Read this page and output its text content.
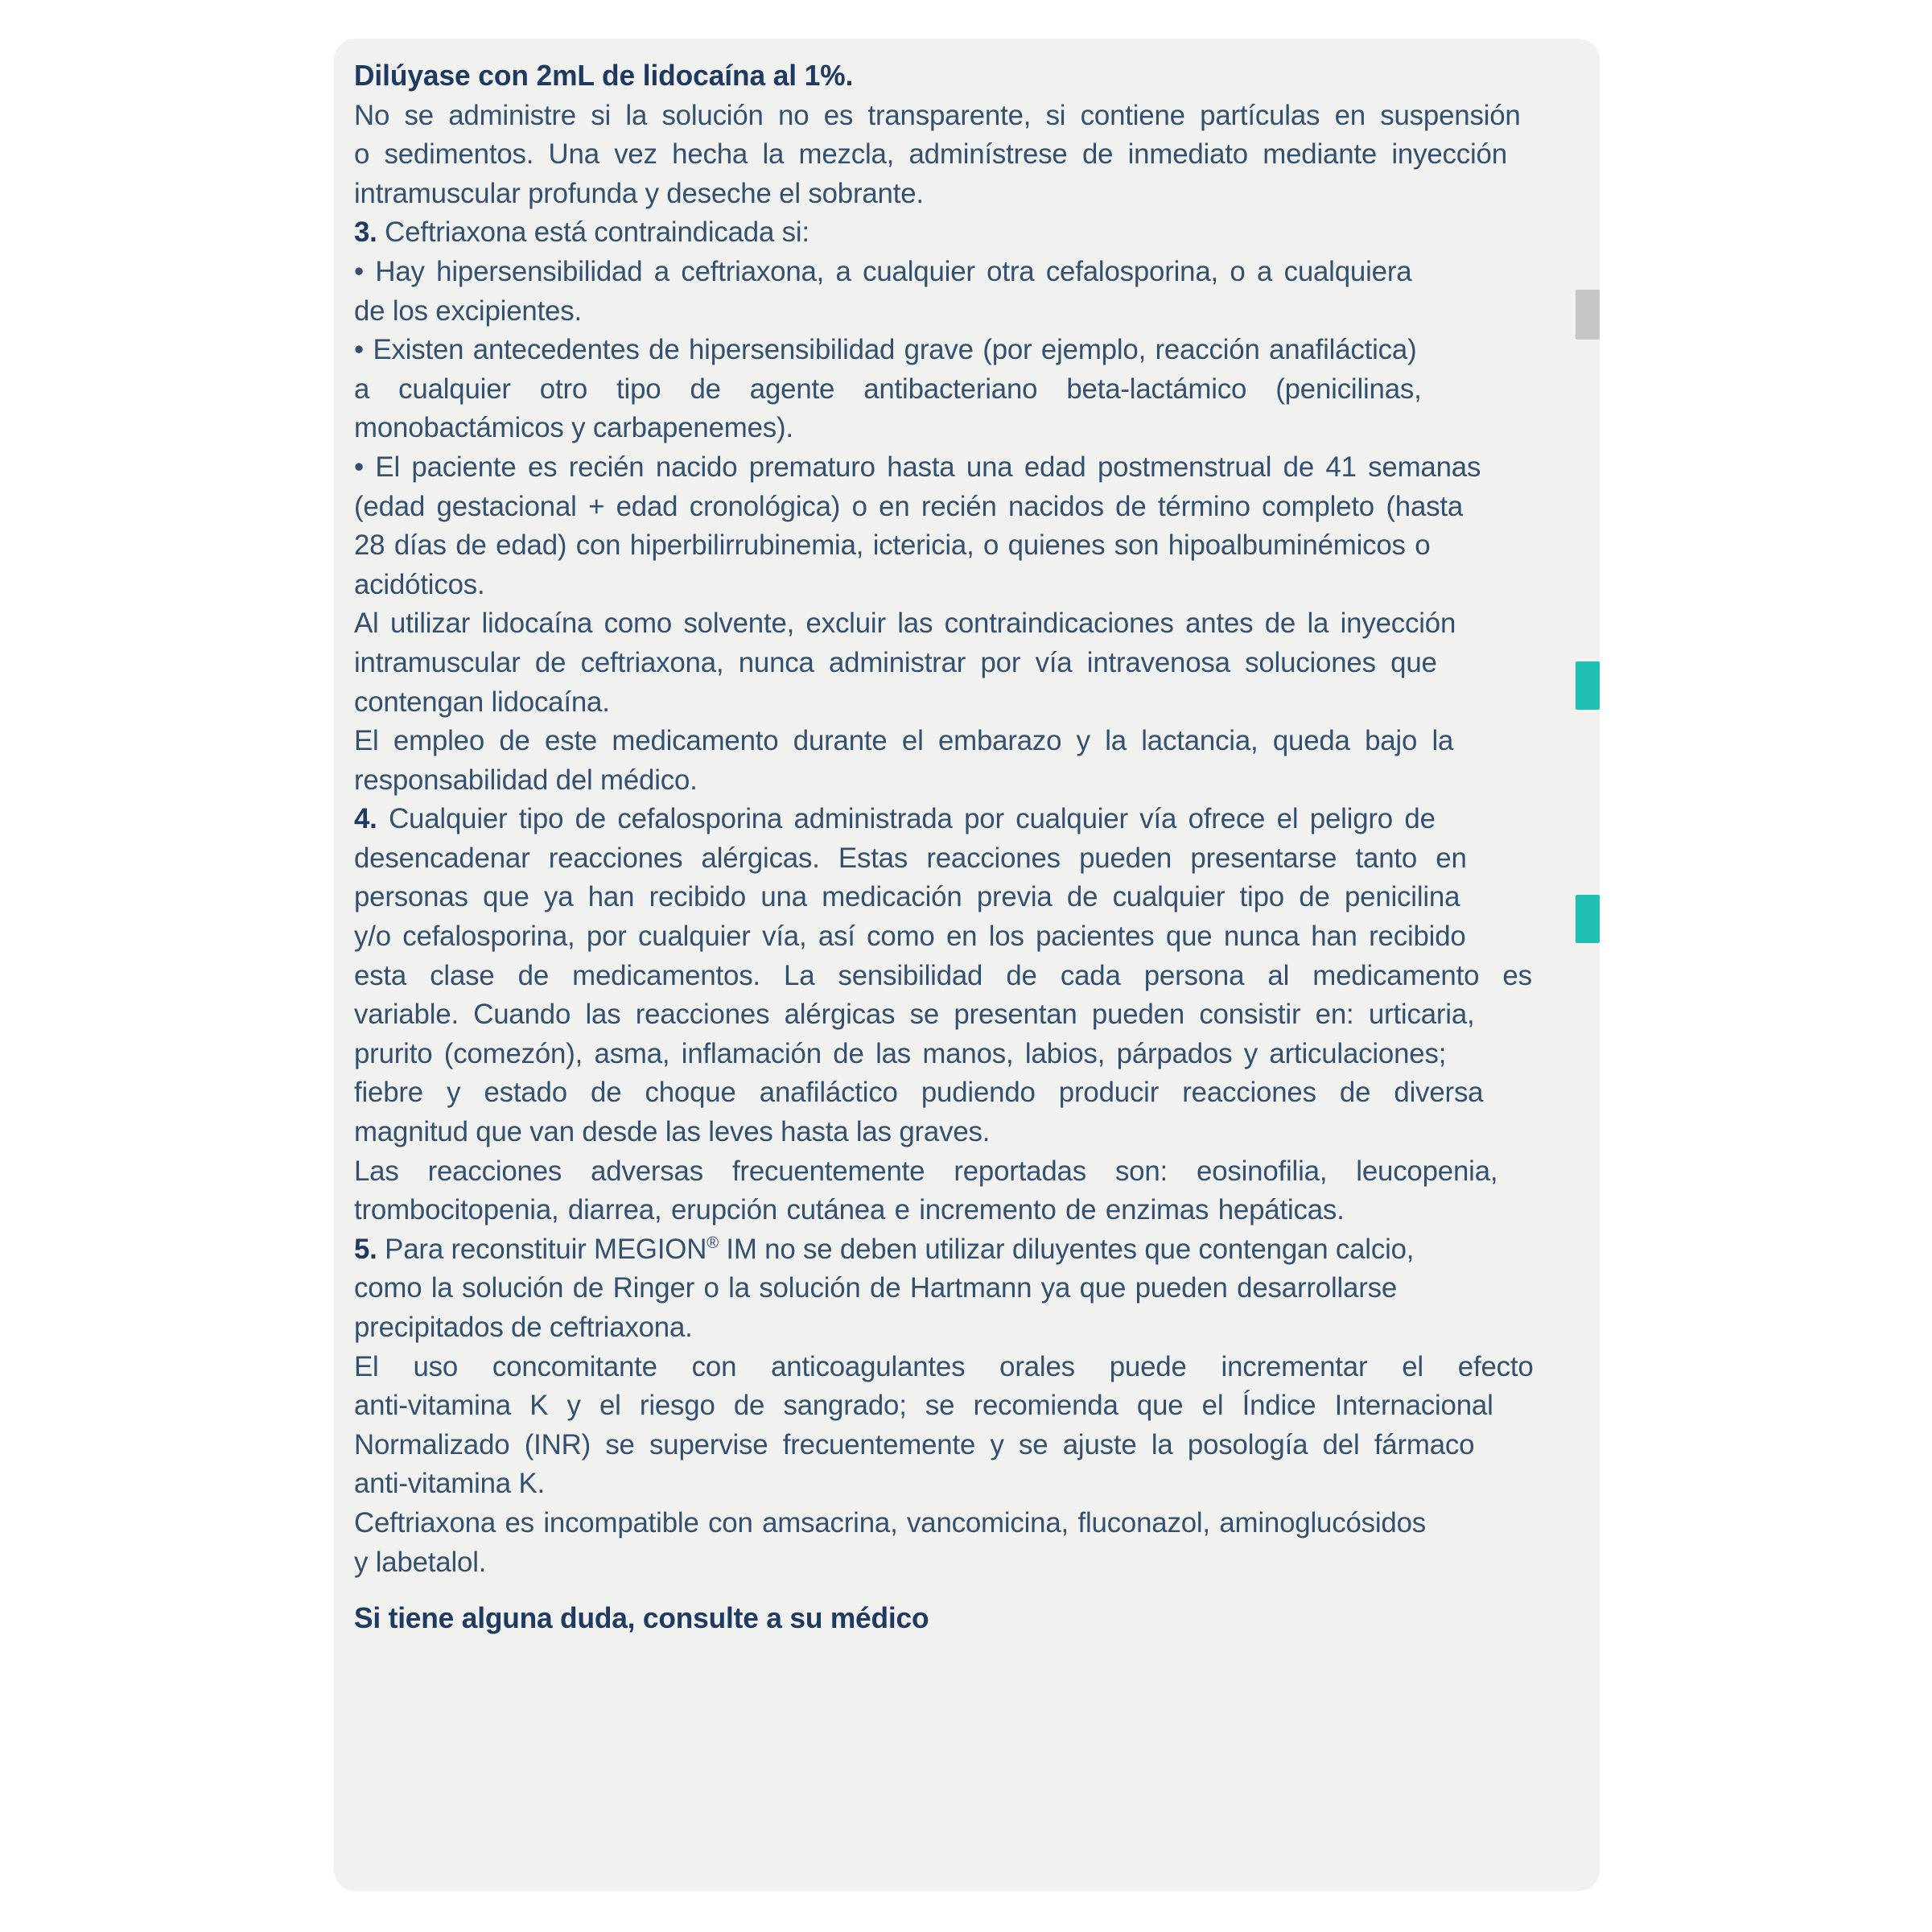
Dilúyase con 2mL de lidocaína al 1%.
No se administre si la solución no es transparente, si contiene partículas en suspensión
o sedimentos. Una vez hecha la mezcla, adminístrese de inmediato mediante inyección
intramuscular profunda y deseche el sobrante.
3. Ceftriaxona está contraindicada si:
• Hay hipersensibilidad a ceftriaxona, a cualquier otra cefalosporina, o a cualquiera
de los excipientes.
• Existen antecedentes de hipersensibilidad grave (por ejemplo, reacción anafiláctica)
a cualquier otro tipo de agente antibacteriano beta-lactámico (penicilinas,
monobactámicos y carbapenemes).
• El paciente es recién nacido prematuro hasta una edad postmenstrual de 41 semanas
(edad gestacional + edad cronológica) o en recién nacidos de término completo (hasta
28 días de edad) con hiperbilirrubinemia, ictericia, o quienes son hipoalbuminémicos o
acidóticos.
Al utilizar lidocaína como solvente, excluir las contraindicaciones antes de la inyección
intramuscular de ceftriaxona, nunca administrar por vía intravenosa soluciones que
contengan lidocaína.
El empleo de este medicamento durante el embarazo y la lactancia, queda bajo la
responsabilidad del médico.
4. Cualquier tipo de cefalosporina administrada por cualquier vía ofrece el peligro de
desencadenar reacciones alérgicas. Estas reacciones pueden presentarse tanto en
personas que ya han recibido una medicación previa de cualquier tipo de penicilina
y/o cefalosporina, por cualquier vía, así como en los pacientes que nunca han recibido
esta clase de medicamentos. La sensibilidad de cada persona al medicamento es
variable. Cuando las reacciones alérgicas se presentan pueden consistir en: urticaria,
prurito (comezón), asma, inflamación de las manos, labios, párpados y articulaciones;
fiebre y estado de choque anafiláctico pudiendo producir reacciones de diversa
magnitud que van desde las leves hasta las graves.
Las reacciones adversas frecuentemente reportadas son: eosinofilia, leucopenia,
trombocitopenia, diarrea, erupción cutánea e incremento de enzimas hepáticas.
5. Para reconstituir MEGION® IM no se deben utilizar diluyentes que contengan calcio,
como la solución de Ringer o la solución de Hartmann ya que pueden desarrollarse
precipitados de ceftriaxona.
El uso concomitante con anticoagulantes orales puede incrementar el efecto
anti-vitamina K y el riesgo de sangrado; se recomienda que el Índice Internacional
Normalizado (INR) se supervise frecuentemente y se ajuste la posología del fármaco
anti-vitamina K.
Ceftriaxona es incompatible con amsacrina, vancomicina, fluconazol, aminoglucósidos
y labetalol.
Si tiene alguna duda, consulte a su médico
